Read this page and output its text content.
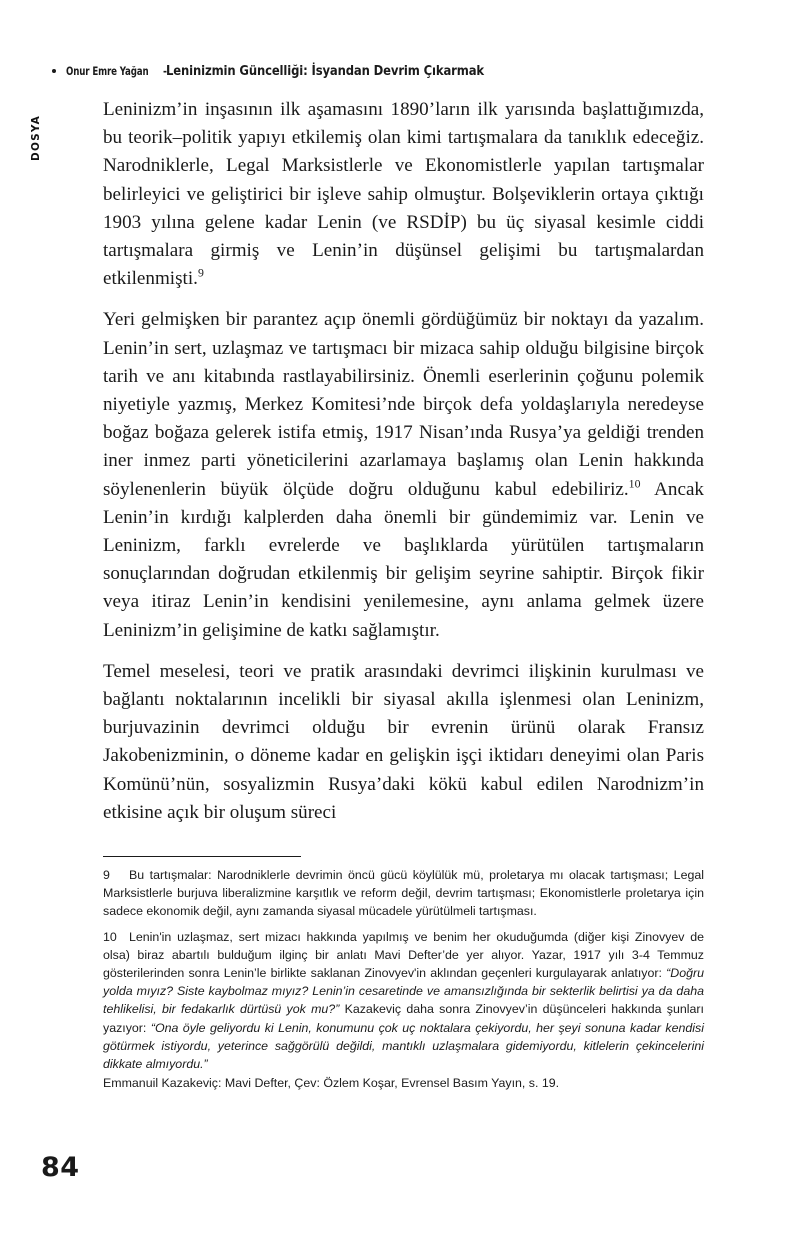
Onur Emre Yağan - Leninizmin Güncelliği: İsyandan Devrim Çıkarmak
DOSYA

Leninizm’in inşasının ilk aşamasını 1890’ların ilk yarısında başlattığımızda, bu teorik–politik yapıyı etkilemiş olan kimi tartışmalara da tanıklık edeceğiz. Narodniklerle, Legal Marksistlerle ve Ekonomistlerle yapılan tartışmalar belirleyici ve geliştirici bir işleve sahip olmuştur. Bolşeviklerin ortaya çıktığı 1903 yılına gelene kadar Lenin (ve RSDİP) bu üç siyasal kesimle ciddi tartışmalara girmiş ve Lenin’in düşünsel gelişimi bu tartışmalardan etkilenmişti.$^9$

Yeri gelmişken bir parantez açıp önemli gördüğümüz bir noktayı da yazalım. Lenin’in sert, uzlaşmaz ve tartışmacı bir mizaca sahip olduğu bilgisine birçok tarih ve anı kitabında rastlayabilirsiniz. Önemli eserlerinin çoğunu polemik niyetiyle yazmış, Merkez Komitesi’nde birçok defa yoldaşlarıyla neredeyse boğaz boğaza gelerek istifa etmiş, 1917 Nisan’ında Rusya’ya geldiği trenden iner inmez parti yöneticilerini azarlamaya başlamış olan Lenin hakkında söylenenlerin büyük ölçüde doğru olduğunu kabul edebiliriz.$^{10}$ Ancak Lenin’in kırdığı kalplerden daha önemli bir gündemimiz var. Lenin ve Leninizm, farklı evrelerde ve başlıklarda yürütülen tartışmaların sonuçlarından doğrudan etkilenmiş bir gelişim seyrine sahiptir. Birçok fikir veya itiraz Lenin’in kendisini yenilemesine, aynı anlama gelmek üzere Leninizm’in gelişimine de katkı sağlamıştır.

Temel meselesi, teori ve pratik arasındaki devrimci ilişkinin kurulması ve bağlantı noktalarının incelikli bir siyasal akılla işlenmesi olan Leninizm, burjuvazinin devrimci olduğu bir evrenin ürünü olarak Fransız Jakobenizminin, o döneme kadar en gelişkin işçi iktidarı deneyimi olan Paris Komünü’nün, sosyalizmin Rusya’daki kökü kabul edilen Narodnizm’in etkisine açık bir oluşum süreci

9 Bu tartışmalar: Narodniklerle devrimin öncü gücü köylülük mü, proletarya mı olacak tartışması; Legal Marksistlerle burjuva liberalizmine karşıtlık ve reform değil, devrim tartışması; Ekonomistlerle proletarya için sadece ekonomik değil, aynı zamanda siyasal mücadele yürütülmeli tartışması.

10 Lenin'in uzlaşmaz, sert mizacı hakkında yapılmış ve benim her okuduğumda (diğer kişi Zinovyev de olsa) biraz abartılı bulduğum ilginç bir anlatı Mavi Defter’de yer alıyor. Yazar, 1917 yılı 3-4 Temmuz gösterilerinden sonra Lenin’le birlikte saklanan Zinovyev'in aklından geçenleri kurgulayarak anlatıyor: “Doğru yolda mıyız? Siste kaybolmaz mıyız? Lenin’in cesaretinde ve amansızlığında bir sekterlik belirtisi ya da daha tehlikelisi, bir fedakarlık dürtüsü yok mu?” Kazakeviç daha sonra Zinovyev’in düşünceleri hakkında şunları yazıyor: “Ona öyle geliyordu ki Lenin, konumunu çok uç noktalara çekiyordu, her şeyi sonuna kadar kendisi götürmek istiyordu, yeterince sağgörülü değildi, mantıklı uzlaşmalara gidemiyordu, kitlelerin çekincelerini dikkate almıyordu.”
Emmanuil Kazakeviç: Mavi Defter, Çev: Özlem Koşar, Evrensel Basım Yayın, s. 19.

84
